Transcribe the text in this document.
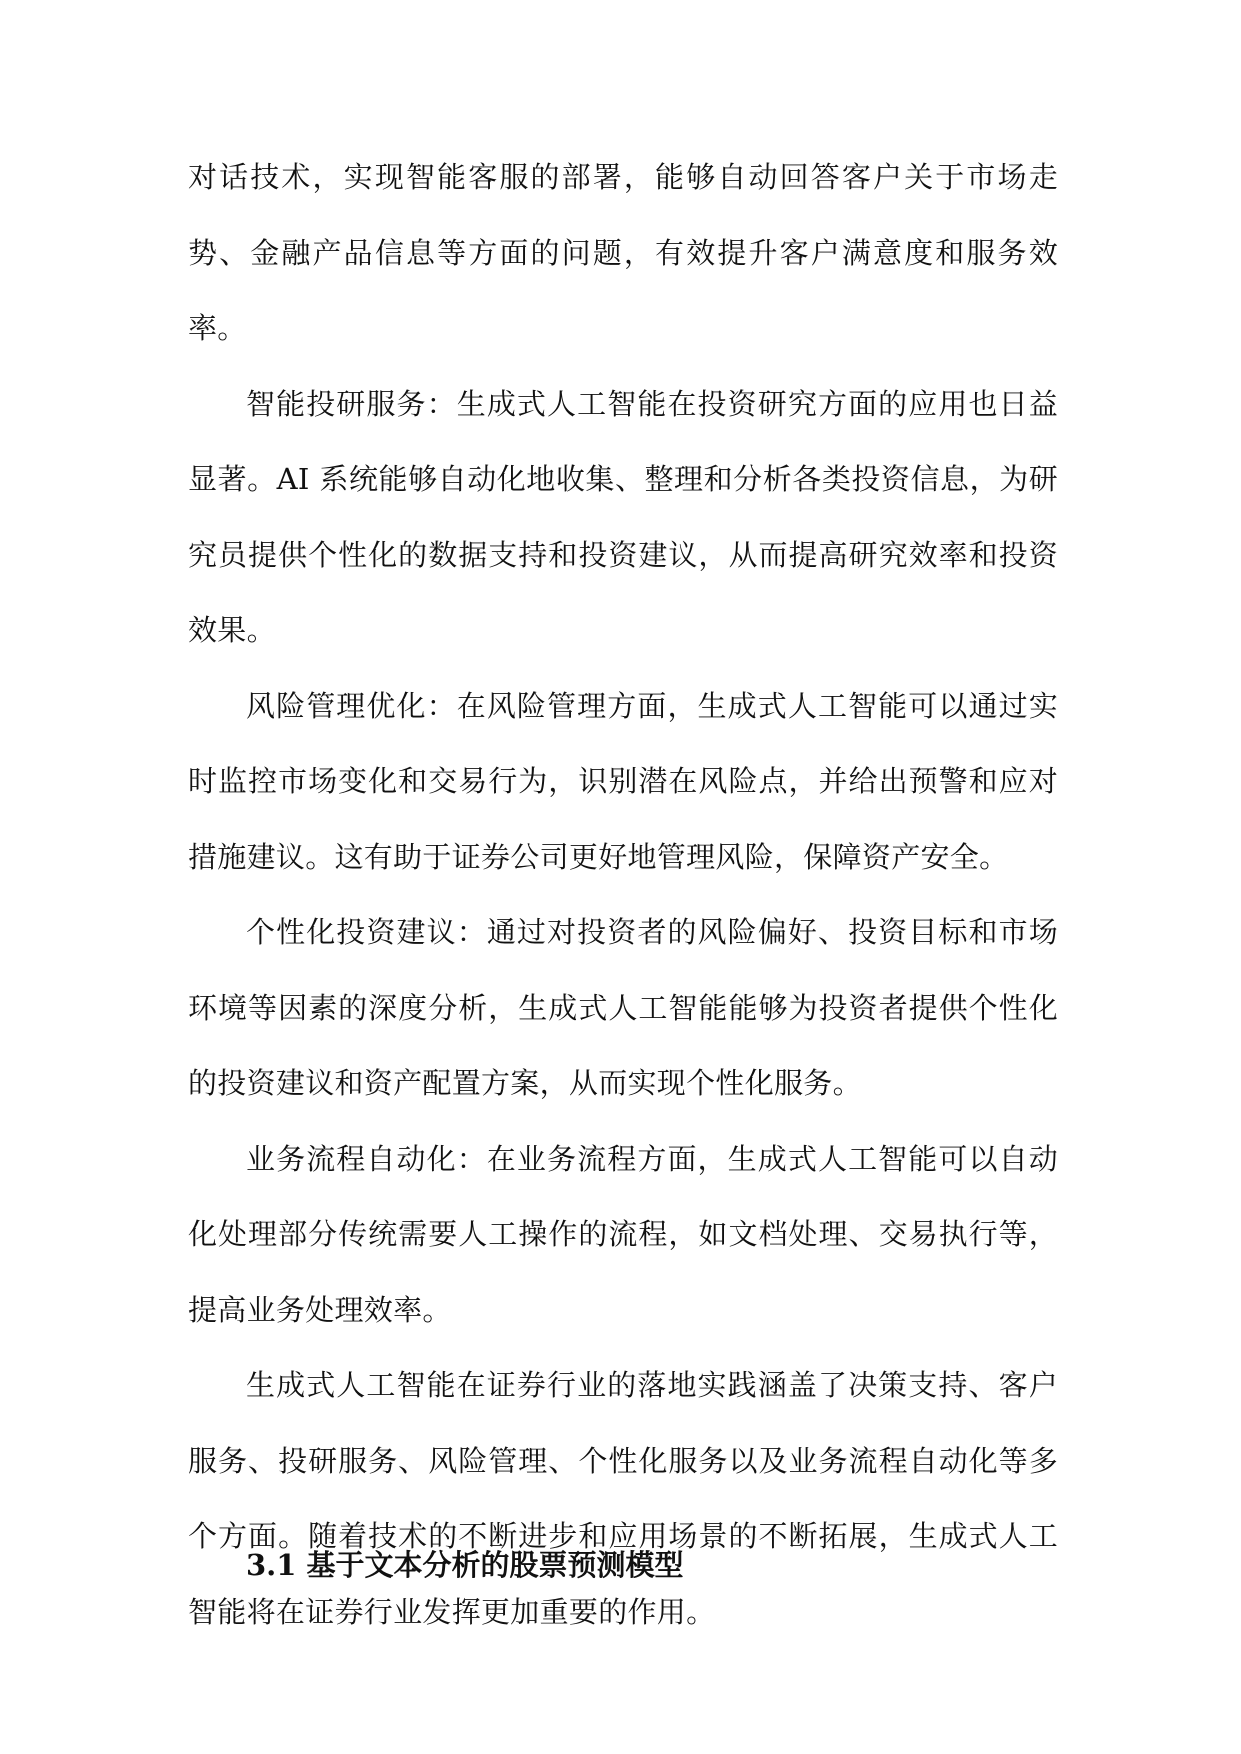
对话技术，实现智能客服的部署，能够自动回答客户关于市场走势、金融产品信息等方面的问题，有效提升客户满意度和服务效率。

智能投研服务：生成式人工智能在投资研究方面的应用也日益显著。AI 系统能够自动化地收集、整理和分析各类投资信息，为研究员提供个性化的数据支持和投资建议，从而提高研究效率和投资效果。

风险管理优化：在风险管理方面，生成式人工智能可以通过实时监控市场变化和交易行为，识别潜在风险点，并给出预警和应对措施建议。这有助于证券公司更好地管理风险，保障资产安全。

个性化投资建议：通过对投资者的风险偏好、投资目标和市场环境等因素的深度分析，生成式人工智能能够为投资者提供个性化的投资建议和资产配置方案，从而实现个性化服务。

业务流程自动化：在业务流程方面，生成式人工智能可以自动化处理部分传统需要人工操作的流程，如文档处理、交易执行等，提高业务处理效率。

生成式人工智能在证券行业的落地实践涵盖了决策支持、客户服务、投研服务、风险管理、个性化服务以及业务流程自动化等多个方面。随着技术的不断进步和应用场景的不断拓展，生成式人工智能将在证券行业发挥更加重要的作用。

3.1 基于文本分析的股票预测模型
